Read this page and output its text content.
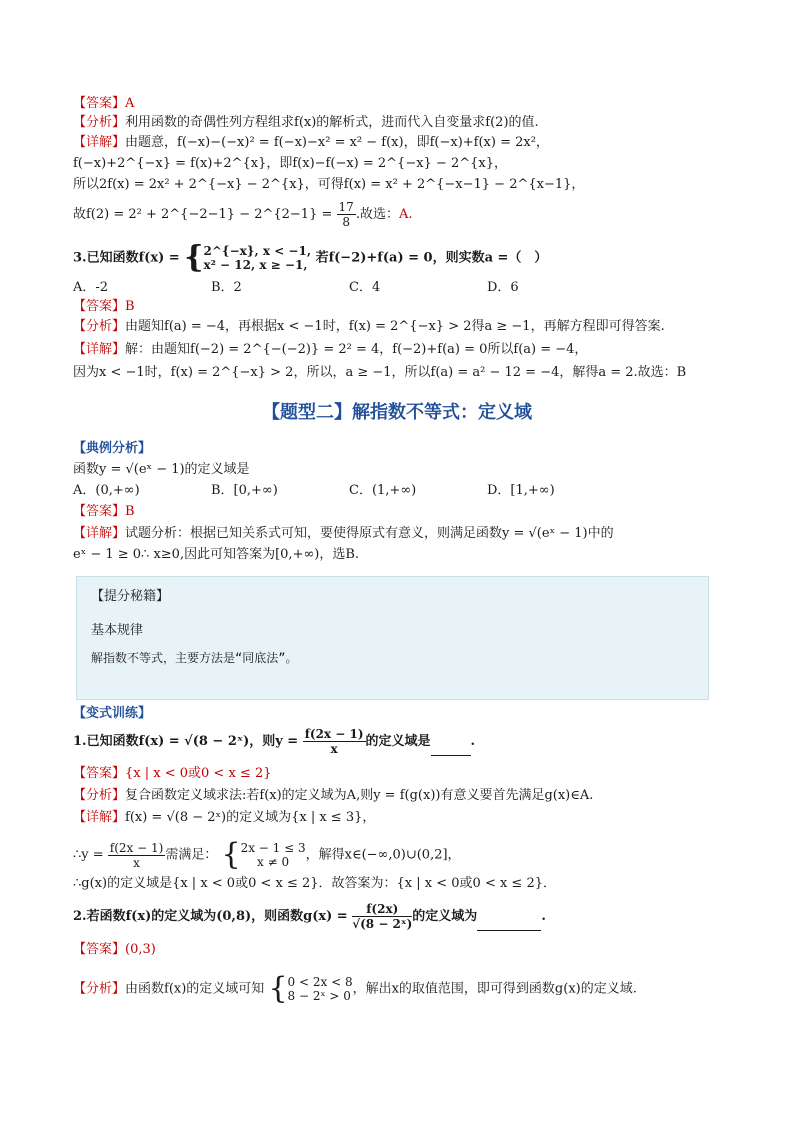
【答案】A
【分析】利用函数的奇偶性列方程组求f(x)的解析式，进而代入自变量求f(2)的值.
【详解】由题意，f(−x)−(−x)² = f(−x)−x² = x² − f(x)，即f(−x)+f(x) = 2x²，
f(−x)+2^{−x} = f(x)+2^{x}，即f(x)−f(−x) = 2^{−x} − 2^{x}，
所以2f(x) = 2x² + 2^{−x} − 2^{x}，可得f(x) = x² + 2^{−x−1} − 2^{x−1}，
故f(2) = 2² + 2^{−2−1} − 2^{2−1} = $\frac{17}{8}$ .故选：A.
3.已知函数f(x) = { 2^{−x}, x < −1,
x² − 12, x ≥ −1, 若f(−2)+f(a) = 0，则实数a =（　）
A．-2	B．2	C．4	D．6
【答案】B
【分析】由题知f(a) = −4，再根据x < −1时，f(x) = 2^{−x} > 2得a ≥ −1，再解方程即可得答案.
【详解】解：由题知f(−2) = 2^{−(−2)} = 2² = 4，f(−2)+f(a) = 0所以f(a) = −4，
因为x < −1时，f(x) = 2^{−x} > 2，所以，a ≥ −1，所以f(a) = a² − 12 = −4，解得a = 2.故选：B
【题型二】解指数不等式：定义域
【典例分析】
函数y = √(eˣ − 1)的定义域是
A．(0,+∞)	B．[0,+∞)	C．(1,+∞)	D．[1,+∞)
【答案】B
【详解】试题分析：根据已知关系式可知，要使得原式有意义，则满足函数y = √(eˣ − 1)中的
eˣ − 1 ≥ 0∴ x≥0,因此可知答案为[0,+∞)，选B.
【提分秘籍】
基本规律
解指数不等式，主要方法是“同底法”。
【变式训练】
1.已知函数f(x) = √(8 − 2ˣ)，则$y = \frac{f(2x - 1)}{x}$ 的定义域是	.
【答案】{x | x < 0或0 < x ≤ 2}
【分析】复合函数定义域求法:若f(x)的定义域为A,则y = f(g(x))有意义要首先满足g(x)∈A.
【详解】f(x) = √(8 − 2ˣ)的定义域为{x | x ≤ 3}，
∴y = $\frac{f(2x - 1)}{x}$ 需满足： { 2x − 1 ≤ 3
x ≠ 0	，解得x∈(−∞,0)∪(0,2]，
∴g(x)的定义域是{x | x < 0或0 < x ≤ 2}．故答案为：{x | x < 0或0 < x ≤ 2}．
2.若函数f(x)的定义域为(0,8)，则函数$g(x) = \frac{f(2x)}{\text{√(8 − 2ˣ)}}$ 的定义域为	.
【答案】(0,3)
【分析】由函数f(x)的定义域可知 { 0 < 2x < 8
8 − 2ˣ > 0 ，解出x的取值范围，即可得到函数g(x)的定义域.
